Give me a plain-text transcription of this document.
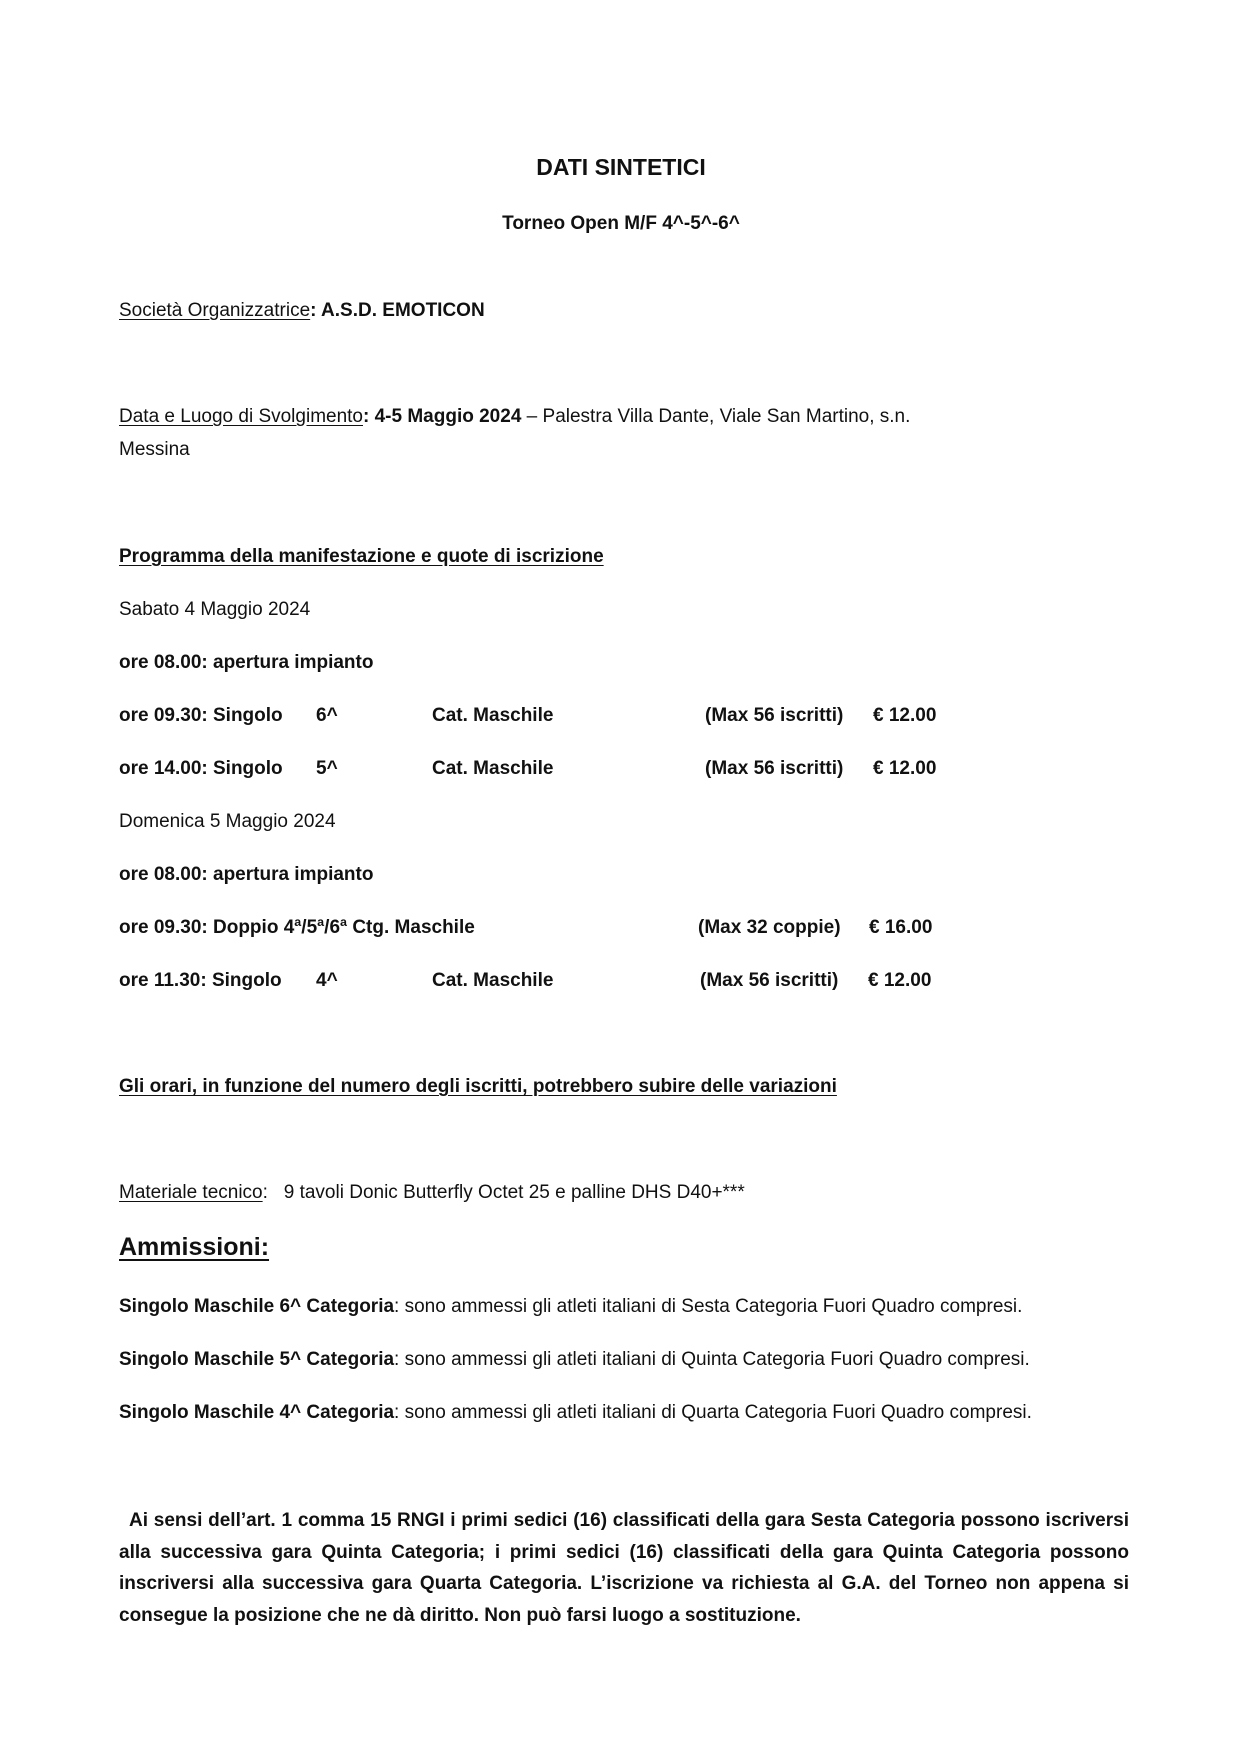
DATI SINTETICI
Torneo Open M/F 4^-5^-6^
Società Organizzatrice: A.S.D. EMOTICON
Data e Luogo di Svolgimento: 4-5 Maggio 2024 – Palestra Villa Dante, Viale San Martino, s.n.
Messina
Programma della manifestazione e quote di iscrizione
Sabato 4 Maggio 2024
ore 08.00: apertura impianto
ore 09.30: Singolo 6^	Cat. Maschile	(Max 56 iscritti) € 12.00
ore 14.00: Singolo 5^	Cat. Maschile	(Max 56 iscritti) € 12.00
Domenica 5 Maggio 2024
ore 08.00: apertura impianto
ore 09.30: Doppio 4ª/5ª/6ª Ctg. Maschile	(Max 32 coppie) € 16.00
ore 11.30: Singolo 4^	Cat. Maschile	(Max 56 iscritti) € 12.00
Gli orari, in funzione del numero degli iscritti, potrebbero subire delle variazioni
Materiale tecnico:   9 tavoli Donic Butterfly Octet 25 e palline DHS D40+***
Ammissioni:
Singolo Maschile 6^ Categoria: sono ammessi gli atleti italiani di Sesta Categoria Fuori Quadro compresi.
Singolo Maschile 5^ Categoria: sono ammessi gli atleti italiani di Quinta Categoria Fuori Quadro compresi.
Singolo Maschile 4^ Categoria: sono ammessi gli atleti italiani di Quarta Categoria Fuori Quadro compresi.
Ai sensi dell’art. 1 comma 15 RNGI i primi sedici (16) classificati della gara Sesta Categoria possono iscriversi alla successiva gara Quinta Categoria; i primi sedici (16) classificati della gara Quinta Categoria possono inscriversi alla successiva gara Quarta Categoria. L’iscrizione va richiesta al G.A. del Torneo non appena si consegue la posizione che ne dà diritto. Non può farsi luogo a sostituzione.
